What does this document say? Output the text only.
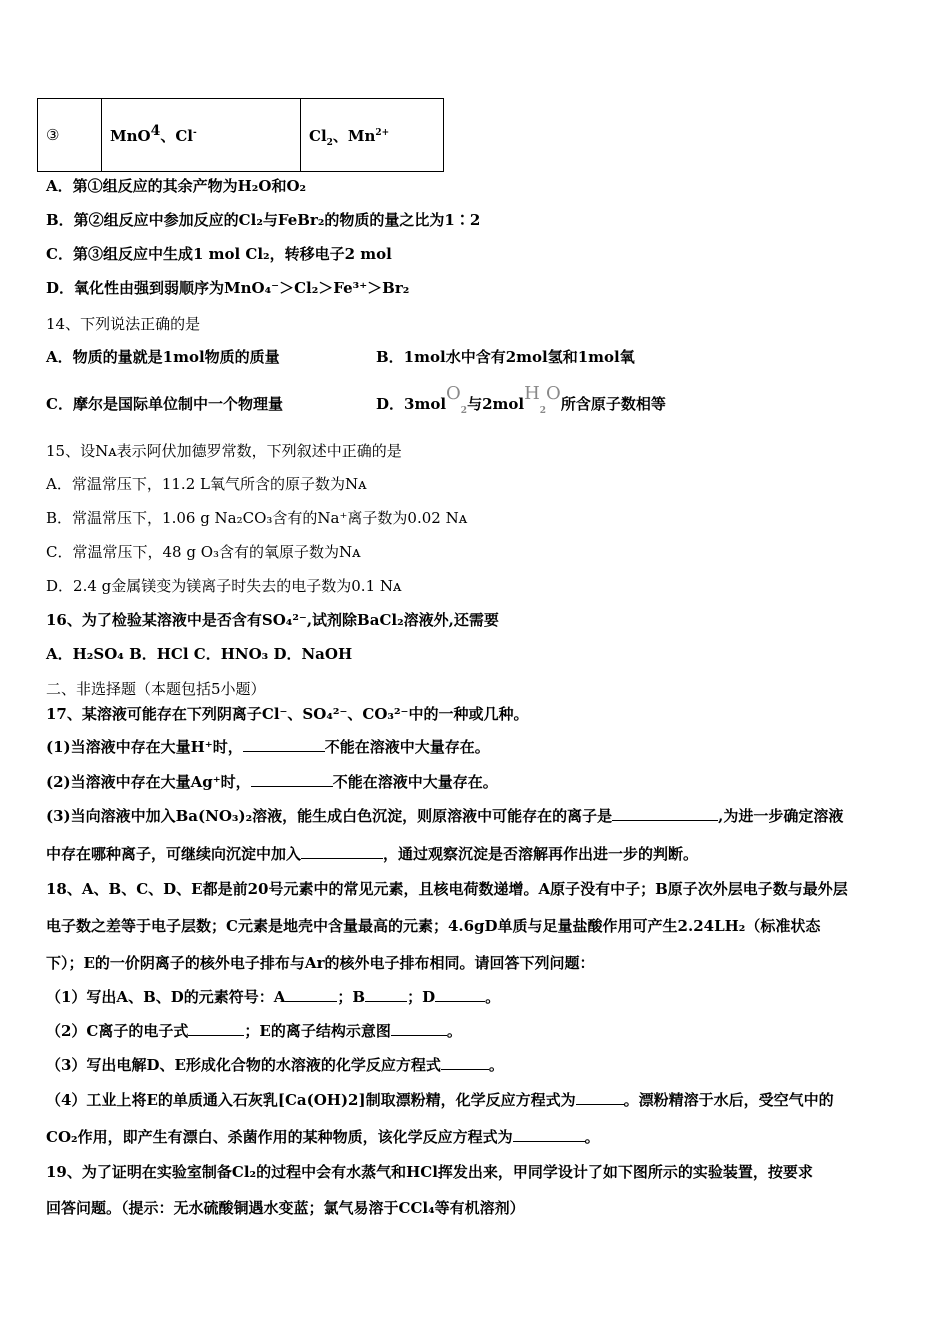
③	MnO$^4$、Cl-	$Cl_2$、$Mn^{2+}$
A．第①组反应的其余产物为H₂O和O₂
B．第②组反应中参加反应的Cl₂与FeBr₂的物质的量之比为1∶2
C．第③组反应中生成1 mol Cl₂，转移电子2 mol
D．氧化性由强到弱顺序为MnO₄⁻＞Cl₂＞Fe³⁺＞Br₂
14、下列说法正确的是
A．物质的量就是1mol物质的质量	B．1mol水中含有2mol氢和1mol氧
C．摩尔是国际单位制中一个物理量	D．3molO$_2$与2molH$_2$O所含原子数相等
15、设Nᴀ表示阿伏加德罗常数，下列叙述中正确的是
A．常温常压下，11.2 L氧气所含的原子数为Nᴀ
B．常温常压下，1.06 g Na₂CO₃含有的Na⁺离子数为0.02 Nᴀ
C．常温常压下，48 g O₃含有的氧原子数为Nᴀ
D．2.4 g金属镁变为镁离子时失去的电子数为0.1 Nᴀ
16、为了检验某溶液中是否含有SO₄²⁻,试剂除BaCl₂溶液外,还需要
A．H₂SO₄ B．HCl C．HNO₃ D．NaOH
二、非选择题（本题包括5小题）
17、某溶液可能存在下列阴离子Cl⁻、SO₄²⁻、CO₃²⁻中的一种或几种。
(1)当溶液中存在大量H⁺时，	不能在溶液中大量存在。
(2)当溶液中存在大量Ag⁺时，	不能在溶液中大量存在。
(3)当向溶液中加入Ba(NO₃)₂溶液，能生成白色沉淀，则原溶液中可能存在的离子是	,为进一步确定溶液
中存在哪种离子，可继续向沉淀中加入	，通过观察沉淀是否溶解再作出进一步的判断。
18、A、B、C、D、E都是前20号元素中的常见元素，且核电荷数递增。A原子没有中子；B原子次外层电子数与最外层
电子数之差等于电子层数；C元素是地壳中含量最高的元素；4.6gD单质与足量盐酸作用可产生2.24LH₂（标准状态
下）；E的一价阴离子的核外电子排布与Ar的核外电子排布相同。请回答下列问题：
（1）写出A、B、D的元素符号：A	；B	；D	。
（2）C离子的电子式	；E的离子结构示意图	。
（3）写出电解D、E形成化合物的水溶液的化学反应方程式	。
（4）工业上将E的单质通入石灰乳[Ca(OH)2]制取漂粉精，化学反应方程式为	。漂粉精溶于水后，受空气中的
CO₂作用，即产生有漂白、杀菌作用的某种物质，该化学反应方程式为	。
19、为了证明在实验室制备Cl₂的过程中会有水蒸气和HCl挥发出来，甲同学设计了如下图所示的实验装置，按要求
回答问题。（提示：无水硫酸铜遇水变蓝；氯气易溶于CCl₄等有机溶剂）
